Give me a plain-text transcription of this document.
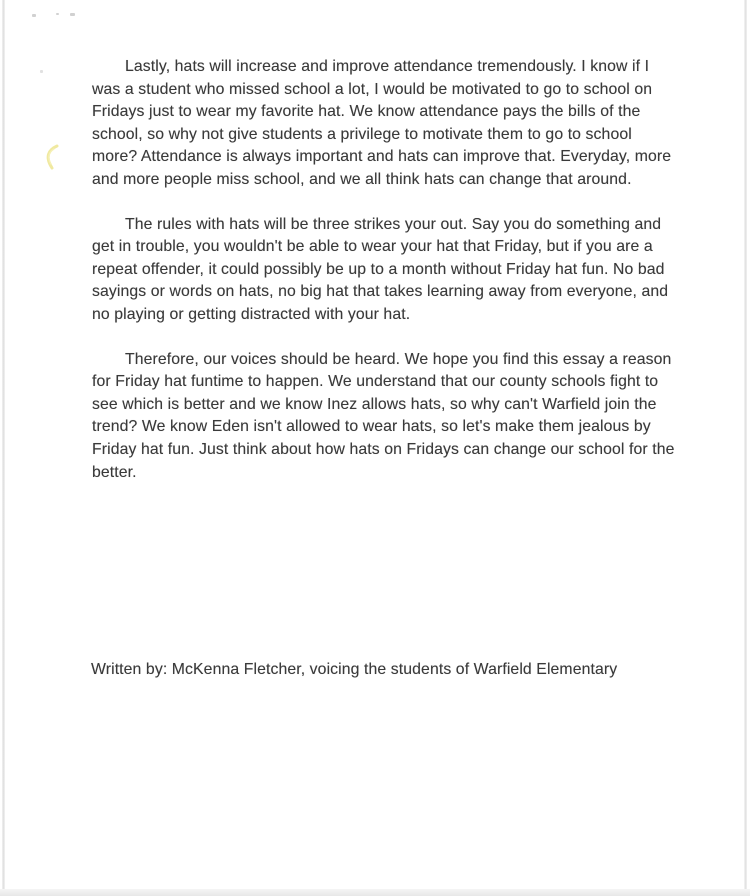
Lastly, hats will increase and improve attendance tremendously. I know if I was a student who missed school a lot, I would be motivated to go to school on Fridays just to wear my favorite hat. We know attendance pays the bills of the school, so why not give students a privilege to motivate them to go to school more? Attendance is always important and hats can improve that. Everyday, more and more people miss school, and we all think hats can change that around.

The rules with hats will be three strikes your out. Say you do something and get in trouble, you wouldn't be able to wear your hat that Friday, but if you are a repeat offender, it could possibly be up to a month without Friday hat fun. No bad sayings or words on hats, no big hat that takes learning away from everyone, and no playing or getting distracted with your hat.

Therefore, our voices should be heard. We hope you find this essay a reason for Friday hat funtime to happen. We understand that our county schools fight to see which is better and we know Inez allows hats, so why can't Warfield join the trend? We know Eden isn't allowed to wear hats, so let's make them jealous by Friday hat fun. Just think about how hats on Fridays can change our school for the better.

Written by: McKenna Fletcher, voicing the students of Warfield Elementary
